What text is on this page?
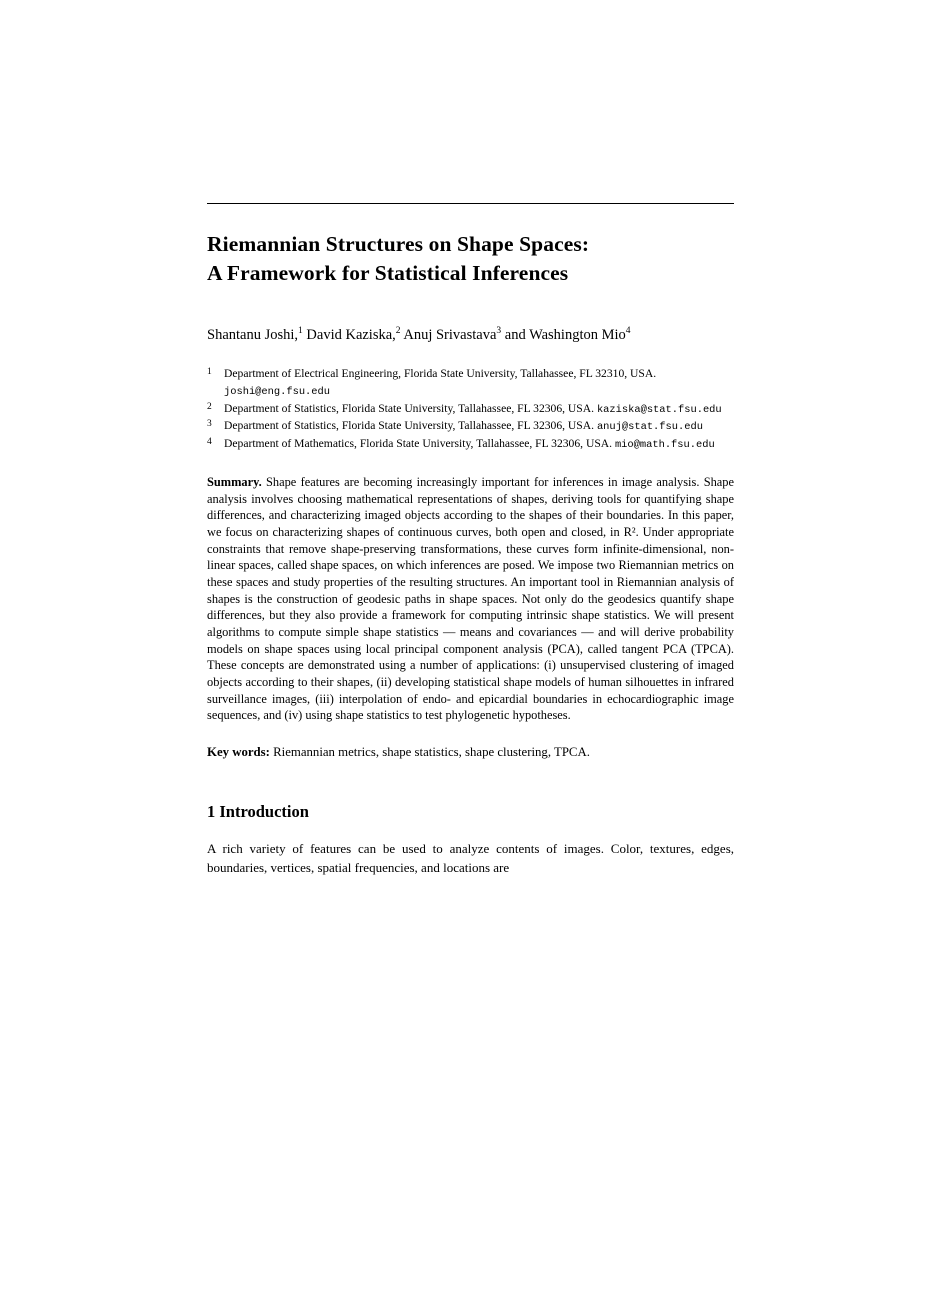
Riemannian Structures on Shape Spaces:
A Framework for Statistical Inferences
Shantanu Joshi,$^1$ David Kaziska,$^2$ Anuj Srivastava$^3$ and Washington Mio$^4$
1 Department of Electrical Engineering, Florida State University, Tallahassee, FL 32310, USA. joshi@eng.fsu.edu
2 Department of Statistics, Florida State University, Tallahassee, FL 32306, USA. kaziska@stat.fsu.edu
3 Department of Statistics, Florida State University, Tallahassee, FL 32306, USA. anuj@stat.fsu.edu
4 Department of Mathematics, Florida State University, Tallahassee, FL 32306, USA. mio@math.fsu.edu
Summary. Shape features are becoming increasingly important for inferences in image analysis. Shape analysis involves choosing mathematical representations of shapes, deriving tools for quantifying shape differences, and characterizing imaged objects according to the shapes of their boundaries. In this paper, we focus on characterizing shapes of continuous curves, both open and closed, in R². Under appropriate constraints that remove shape-preserving transformations, these curves form infinite-dimensional, non-linear spaces, called shape spaces, on which inferences are posed. We impose two Riemannian metrics on these spaces and study properties of the resulting structures. An important tool in Riemannian analysis of shapes is the construction of geodesic paths in shape spaces. Not only do the geodesics quantify shape differences, but they also provide a framework for computing intrinsic shape statistics. We will present algorithms to compute simple shape statistics — means and covariances — and will derive probability models on shape spaces using local principal component analysis (PCA), called tangent PCA (TPCA). These concepts are demonstrated using a number of applications: (i) unsupervised clustering of imaged objects according to their shapes, (ii) developing statistical shape models of human silhouettes in infrared surveillance images, (iii) interpolation of endo- and epicardial boundaries in echocardiographic image sequences, and (iv) using shape statistics to test phylogenetic hypotheses.
Key words: Riemannian metrics, shape statistics, shape clustering, TPCA.
1 Introduction
A rich variety of features can be used to analyze contents of images. Color, textures, edges, boundaries, vertices, spatial frequencies, and locations are
